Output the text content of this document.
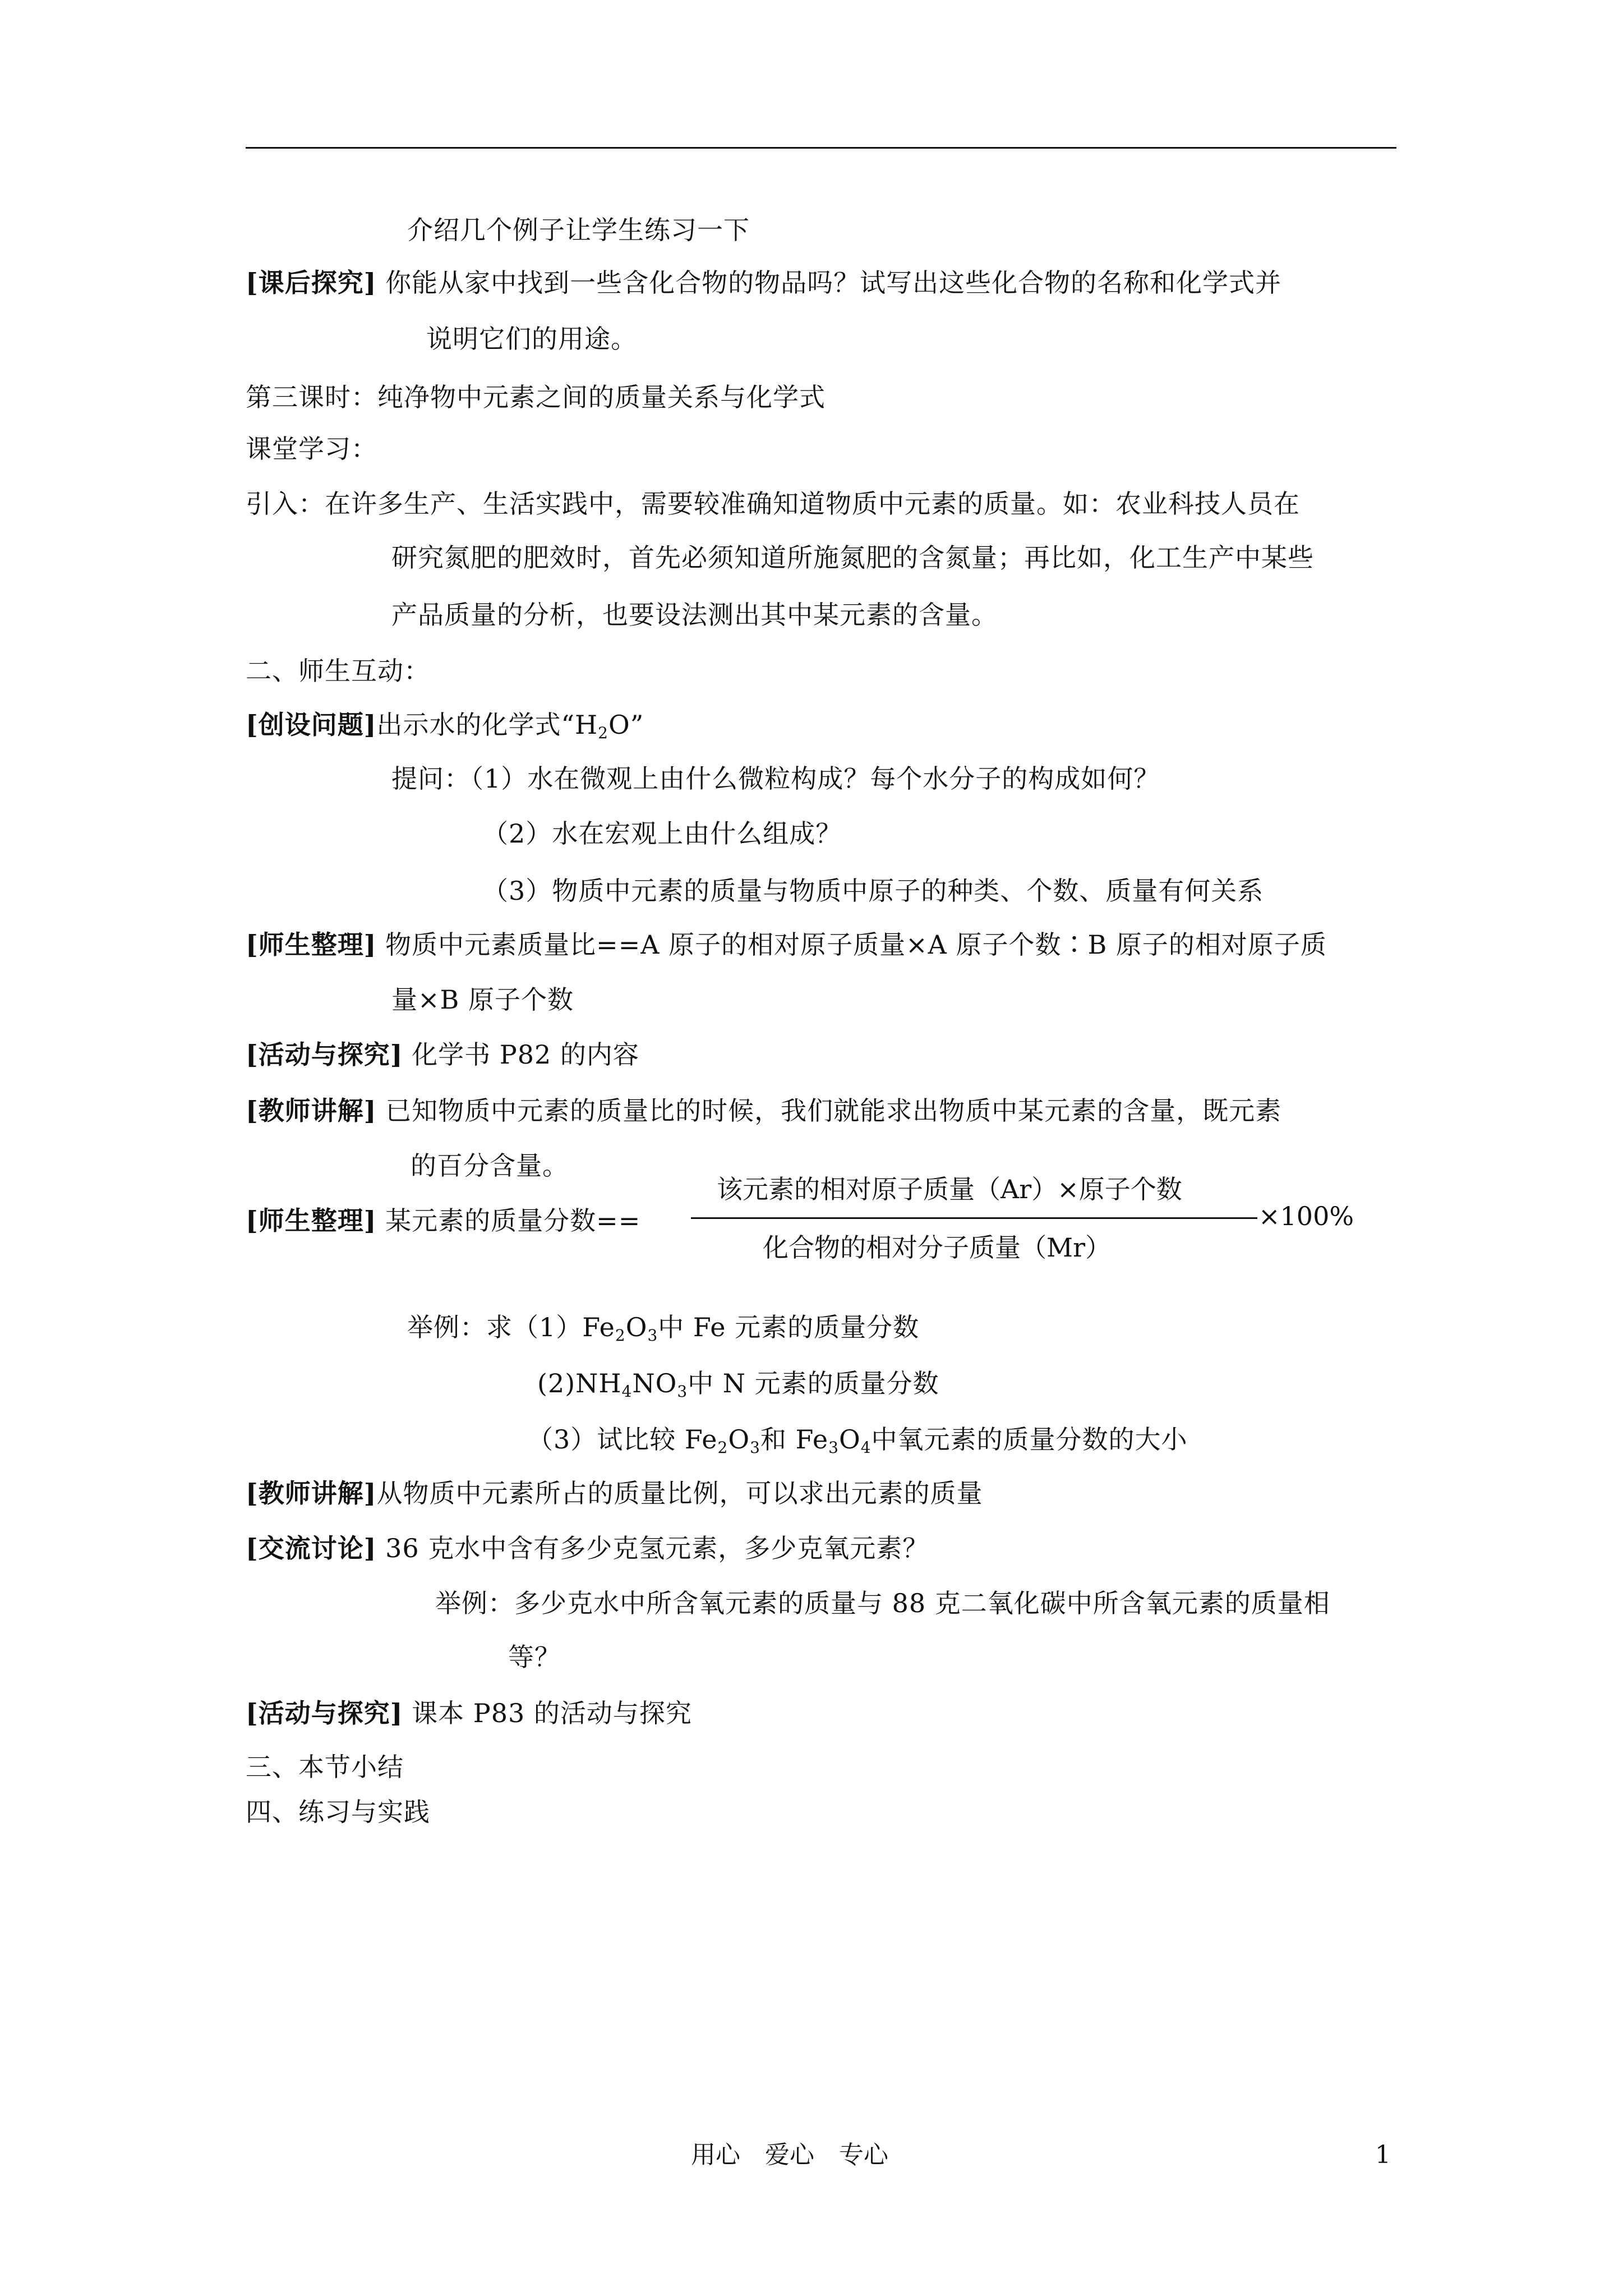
介绍几个例子让学生练习一下
[课后探究] 你能从家中找到一些含化合物的物品吗？试写出这些化合物的名称和化学式并
说明它们的用途。
第三课时：纯净物中元素之间的质量关系与化学式
课堂学习：
引入：在许多生产、生活实践中，需要较准确知道物质中元素的质量。如：农业科技人员在
研究氮肥的肥效时，首先必须知道所施氮肥的含氮量；再比如，化工生产中某些
产品质量的分析，也要设法测出其中某元素的含量。
二、师生互动：
[创设问题]出示水的化学式“$H_2O$”
提问：（1）水在微观上由什么微粒构成？每个水分子的构成如何？
（2）水在宏观上由什么组成？
（3）物质中元素的质量与物质中原子的种类、个数、质量有何关系
[师生整理] 物质中元素质量比==A 原子的相对原子质量×A 原子个数∶B 原子的相对原子质
量×B 原子个数
[活动与探究] 化学书 P82 的内容
[教师讲解] 已知物质中元素的质量比的时候，我们就能求出物质中某元素的含量，既元素
的百分含量。
[师生整理] 某元素的质量分数==
该元素的相对原子质量（Ar）×原子个数
化合物的相对分子质量（Mr）
×100%
举例：求$(1)Fe_2O_3$中 Fe 元素的质量分数
$(2)NH_4NO_3$中 N 元素的质量分数
（3）试比较 $Fe_2O_3$和 $Fe_3O_4$中氧元素的质量分数的大小
[教师讲解]从物质中元素所占的质量比例，可以求出元素的质量
[交流讨论] 36 克水中含有多少克氢元素，多少克氧元素？
举例：多少克水中所含氧元素的质量与 88 克二氧化碳中所含氧元素的质量相
等？
[活动与探究] 课本 P83 的活动与探究
三、本节小结
四、练习与实践
用心　爱心　专心	1
